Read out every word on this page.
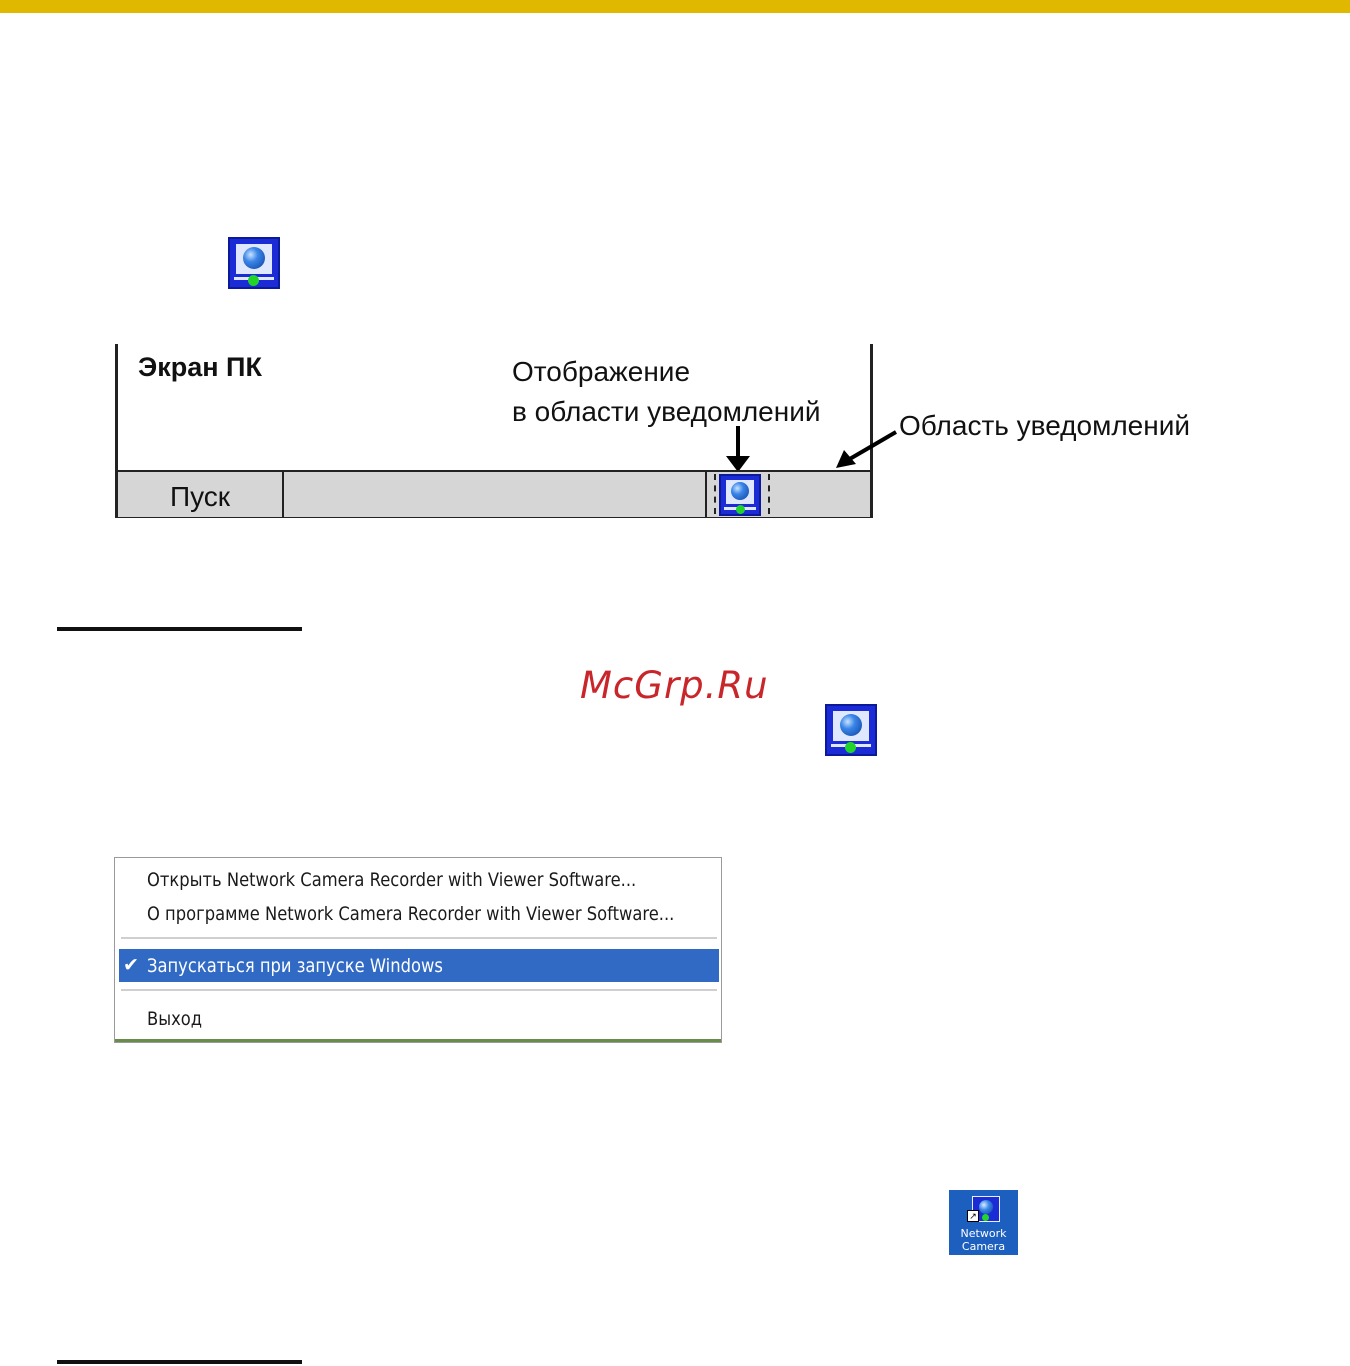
Экран ПК	Отображение
в области уведомлений
Пуск
Область уведомлений
McGrp.Ru
Открыть Network Camera Recorder with Viewer Software...
О программе Network Camera Recorder with Viewer Software...
✔ Запускаться при запуске Windows
Выход
↗
Network
Camera Re...
